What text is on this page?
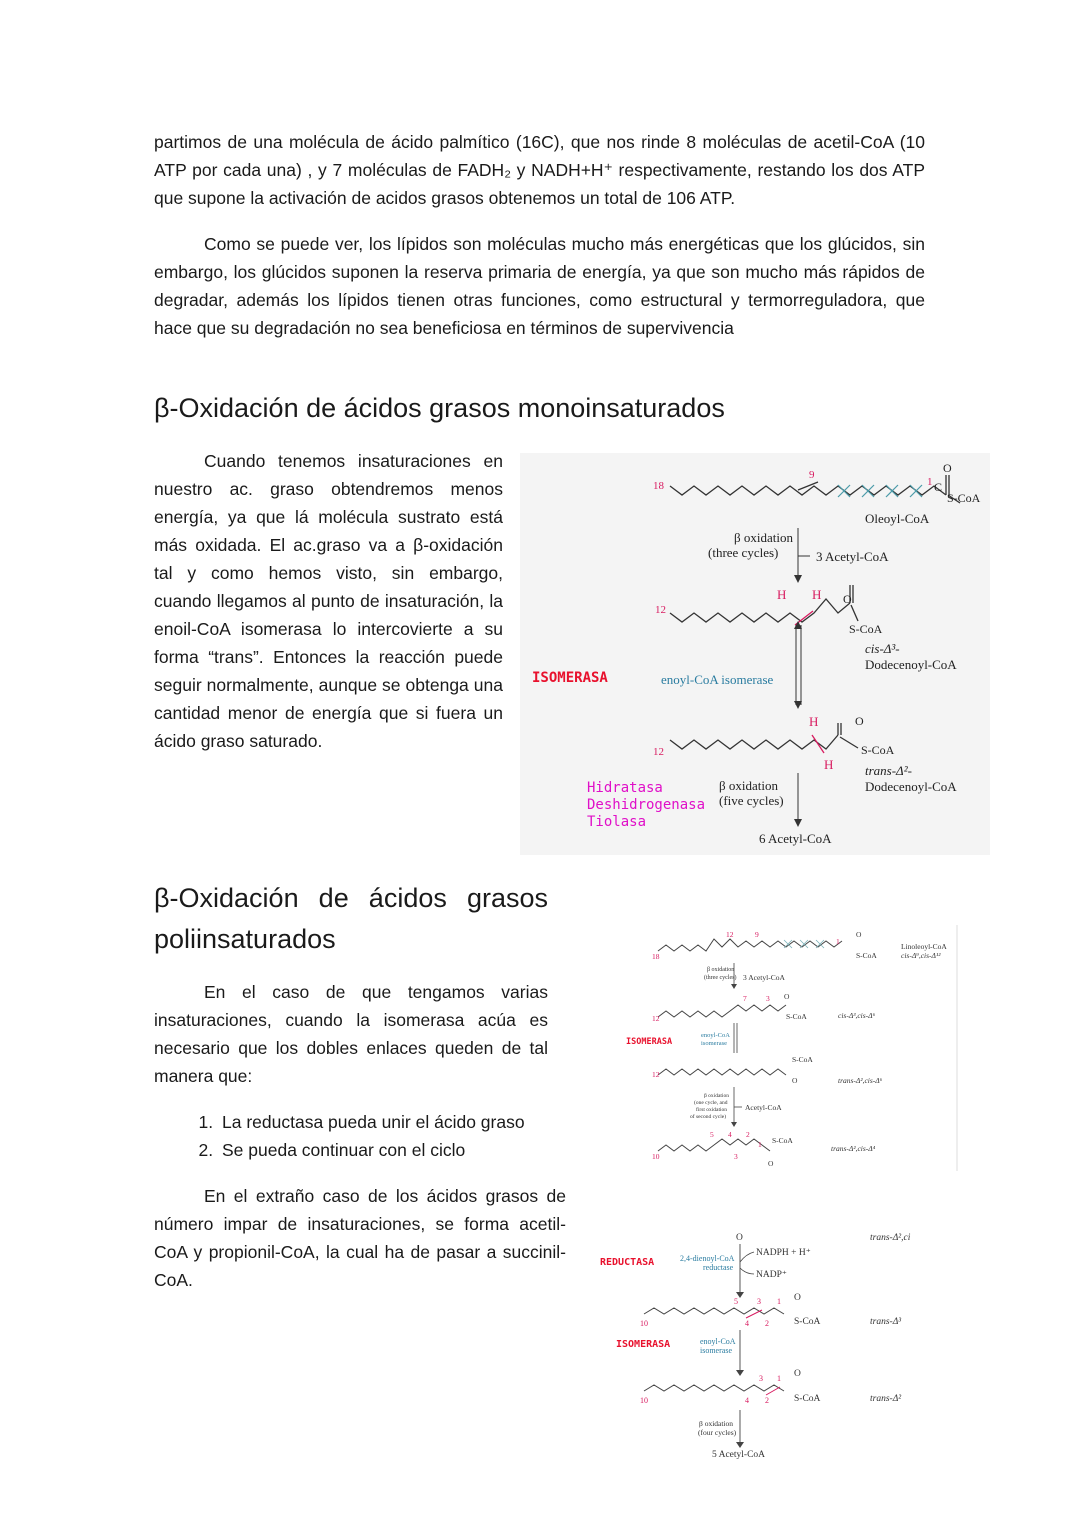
partimos de una molécula de ácido palmítico (16C), que nos rinde 8 moléculas de acetil-CoA (10 ATP por cada una) , y 7 moléculas de FADH₂ y NADH+H⁺ respectivamente, restando los dos ATP que supone la activación de acidos grasos obtenemos un total de 106 ATP.

Como se puede ver, los lípidos son moléculas mucho más energéticas que los glúcidos, sin embargo, los glúcidos suponen la reserva primaria de energía, ya que son mucho más rápidos de degradar, además los lípidos tienen otras funciones, como estructural y termorreguladora, que hace que su degradación no sea beneficiosa en términos de supervivencia

β-Oxidación de ácidos grasos monoinsaturados

Cuando tenemos insaturaciones en nuestro ac. graso obtendremos menos energía, ya que lá molécula sustrato está más oxidada. El ac.graso va a β-oxidación tal y como hemos visto, sin embargo, cuando llegamos al punto de insaturación, la enoil-CoA isomerasa lo intercovierte a su forma “trans”. Entonces la reacción puede seguir normalmente, aunque se obtenga una cantidad menor de energía que si fuera un ácido graso saturado.

β-Oxidación de ácidos grasos poliinsaturados

En el caso de que tengamos varias insaturaciones, cuando la isomerasa acúa es necesario que los dobles enlaces queden de tal manera que:

1. La reductasa pueda unir el ácido graso
2. Se pueda continuar con el ciclo

En el extraño caso de los ácidos grasos de número impar de insaturaciones, se forma acetil-CoA y propionil-CoA, la cual ha de pasar a succinil-CoA.

18
9
1 C
O
S-CoA
Oleoyl-CoA
β oxidation
(three cycles)	3 Acetyl-CoA
12
H H O
S-CoA
cis-Δ³-
Dodecenoyl-CoA
ISOMERASA	enoyl-CoA isomerase
12
H
H
O
S-CoA
trans-Δ²-
Dodecenoyl-CoA
Hidratasa
Deshidrogenasa
Tiolasa
β oxidation
(five cycles)
6 Acetyl-CoA
12	9
18
1
O
S-CoA
Linoleoyl-CoA
cis-Δ⁹,cis-Δ¹²
β oxidation
(three cycles) 3 Acetyl-CoA
12
7	3 O
S-CoA	cis-Δ³,cis-Δ⁶
ISOMERASA
enoyl-CoA
isomerase
12
S-CoA
O	trans-Δ²,cis-Δ⁶
β oxidation
(one cycle, and
first oxidation
of second cycle)
Acetyl-CoA
10
5 4 2
3
1 S-CoA
O
trans-Δ²,cis-Δ⁴
O	trans-Δ²,ci
REDUCTASA	2,4-dienoyl-CoA
reductase
NADPH + H⁺
NADP⁺
10
5 3 1
4 2
O
S-CoA	trans-Δ³
ISOMERASA	enoyl-CoA
isomerase
10
3 1
4 2
O
S-CoA	trans-Δ²
β oxidation
(four cycles)
5 Acetyl-CoA
